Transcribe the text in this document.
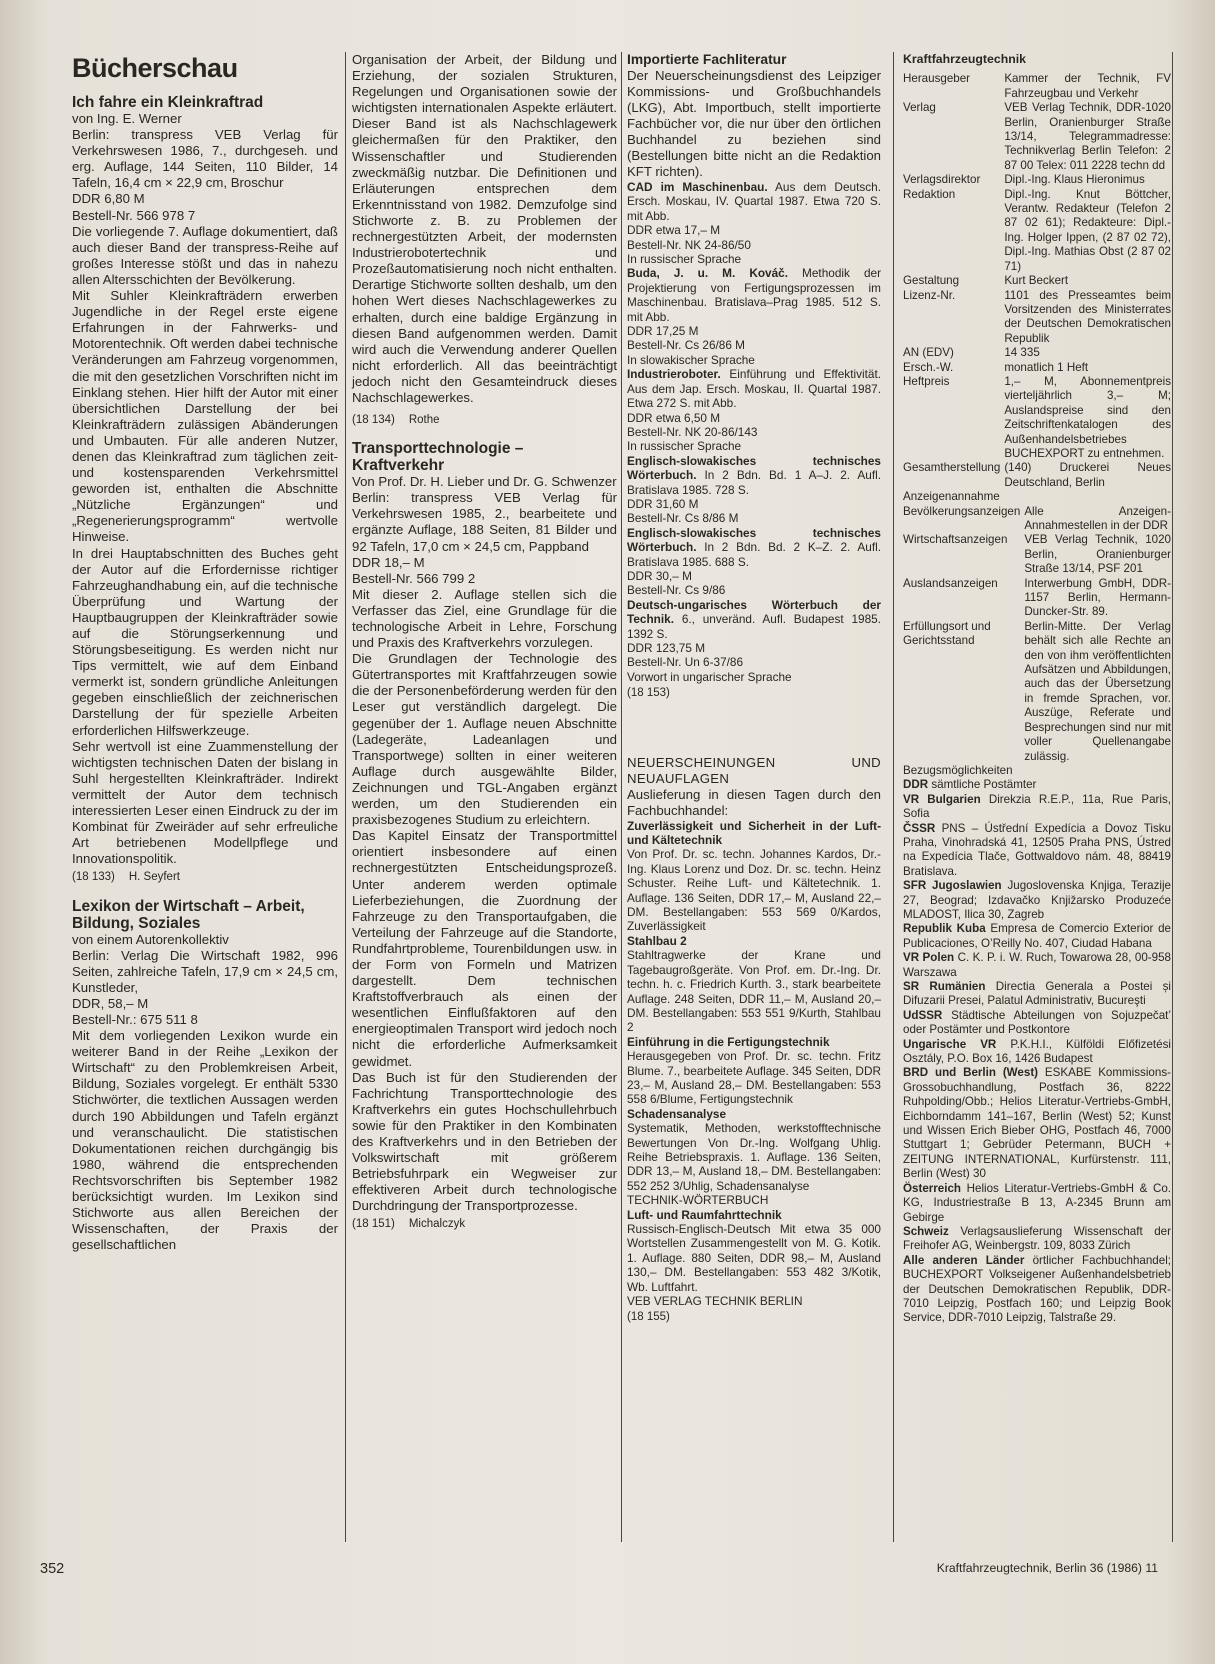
Bücherschau
Ich fahre ein Kleinkraftrad

von Ing. E. Werner

Berlin: transpress VEB Verlag für Verkehrswesen 1986, 7., durchgeseh. und erg. Auflage, 144 Seiten, 110 Bilder, 14 Tafeln, 16,4 cm × 22,9 cm, Broschur

DDR 6,80 M

Bestell-Nr. 566 978 7

Die vorliegende 7. Auflage dokumentiert, daß auch dieser Band der transpress-Reihe auf großes Interesse stößt und das in nahezu allen Altersschichten der Bevölkerung.

Mit Suhler Kleinkrafträdern erwerben Jugendliche in der Regel erste eigene Erfahrungen in der Fahrwerks- und Motorentechnik. Oft werden dabei technische Veränderungen am Fahrzeug vorgenommen, die mit den gesetzlichen Vorschriften nicht im Einklang stehen. Hier hilft der Autor mit einer übersichtlichen Darstellung der bei Kleinkrafträdern zulässigen Abänderungen und Umbauten. Für alle anderen Nutzer, denen das Kleinkraftrad zum täglichen zeit- und kostensparenden Verkehrsmittel geworden ist, enthalten die Abschnitte „Nützliche Ergänzungen“ und „Regenerierungsprogramm“ wertvolle Hinweise.

In drei Hauptabschnitten des Buches geht der Autor auf die Erfordernisse richtiger Fahrzeughandhabung ein, auf die technische Überprüfung und Wartung der Hauptbaugruppen der Kleinkrafträder sowie auf die Störungserkennung und Störungsbeseitigung. Es werden nicht nur Tips vermittelt, wie auf dem Einband vermerkt ist, sondern gründliche Anleitungen gegeben einschließlich der zeichnerischen Darstellung der für spezielle Arbeiten erforderlichen Hilfswerkzeuge.

Sehr wertvoll ist eine Zuammenstellung der wichtigsten technischen Daten der bislang in Suhl hergestellten Kleinkrafträder. Indirekt vermittelt der Autor dem technisch interessierten Leser einen Eindruck zu der im Kombinat für Zweiräder auf sehr erfreuliche Art betriebenen Modellpflege und Innovationspolitik.

(18 133) H. Seyfert

Lexikon der Wirtschaft – Arbeit, Bildung, Soziales

von einem Autorenkollektiv

Berlin: Verlag Die Wirtschaft 1982, 996 Seiten, zahlreiche Tafeln, 17,9 cm × 24,5 cm, Kunstleder,

DDR, 58,– M

Bestell-Nr.: 675 511 8

Mit dem vorliegenden Lexikon wurde ein weiterer Band in der Reihe „Lexikon der Wirtschaft“ zu den Problemkreisen Arbeit, Bildung, Soziales vorgelegt. Er enthält 5330 Stichwörter, die textlichen Aussagen werden durch 190 Abbildungen und Tafeln ergänzt und veranschaulicht. Die statistischen Dokumentationen reichen durchgängig bis 1980, während die entsprechenden Rechtsvorschriften bis September 1982 berücksichtigt wurden. Im Lexikon sind Stichworte aus allen Bereichen der Wissenschaften, der Praxis der gesellschaftlichen

Organisation der Arbeit, der Bildung und Erziehung, der sozialen Strukturen, Regelungen und Organisationen sowie der wichtigsten internationalen Aspekte erläutert. Dieser Band ist als Nachschlagewerk gleichermaßen für den Praktiker, den Wissenschaftler und Studierenden zweckmäßig nutzbar. Die Definitionen und Erläuterungen entsprechen dem Erkenntnisstand von 1982. Demzufolge sind Stichworte z. B. zu Problemen der rechnergestützten Arbeit, der modernsten Industrierobotertechnik und Prozeßautomatisierung noch nicht enthalten. Derartige Stichworte sollten deshalb, um den hohen Wert dieses Nachschlagewerkes zu erhalten, durch eine baldige Ergänzung in diesen Band aufgenommen werden. Damit wird auch die Verwendung anderer Quellen nicht erforderlich. All das beeinträchtigt jedoch nicht den Gesamteindruck dieses Nachschlagewerkes.

(18 134) Rothe

Transporttechnologie – Kraftverkehr

Von Prof. Dr. H. Lieber und Dr. G. Schwenzer

Berlin: transpress VEB Verlag für Verkehrswesen 1985, 2., bearbeitete und ergänzte Auflage, 188 Seiten, 81 Bilder und 92 Tafeln, 17,0 cm × 24,5 cm, Pappband

DDR 18,– M

Bestell-Nr. 566 799 2

Mit dieser 2. Auflage stellen sich die Verfasser das Ziel, eine Grundlage für die technologische Arbeit in Lehre, Forschung und Praxis des Kraftverkehrs vorzulegen.

Die Grundlagen der Technologie des Gütertransportes mit Kraftfahrzeugen sowie die der Personenbeförderung werden für den Leser gut verständlich dargelegt. Die gegenüber der 1. Auflage neuen Abschnitte (Ladegeräte, Ladeanlagen und Transportwege) sollten in einer weiteren Auflage durch ausgewählte Bilder, Zeichnungen und TGL-Angaben ergänzt werden, um den Studierenden ein praxisbezogenes Studium zu erleichtern.

Das Kapitel Einsatz der Transportmittel orientiert insbesondere auf einen rechnergestützten Entscheidungsprozeß. Unter anderem werden optimale Lieferbeziehungen, die Zuordnung der Fahrzeuge zu den Transportaufgaben, die Verteilung der Fahrzeuge auf die Standorte, Rundfahrtprobleme, Tourenbildungen usw. in der Form von Formeln und Matrizen dargestellt. Dem technischen Kraftstoffverbrauch als einen der wesentlichen Einflußfaktoren auf den energieoptimalen Transport wird jedoch noch nicht die erforderliche Aufmerksamkeit gewidmet.

Das Buch ist für den Studierenden der Fachrichtung Transporttechnologie des Kraftverkehrs ein gutes Hochschullehrbuch sowie für den Praktiker in den Kombinaten des Kraftverkehrs und in den Betrieben der Volkswirtschaft mit größerem Betriebsfuhrpark ein Wegweiser zur effektiveren Arbeit durch technologische Durchdringung der Transportprozesse.

(18 151) Michalczyk

Importierte Fachliteratur

Der Neuerscheinungsdienst des Leipziger Kommissions- und Großbuchhandels (LKG), Abt. Importbuch, stellt importierte Fachbücher vor, die nur über den örtlichen Buchhandel zu beziehen sind (Bestellungen bitte nicht an die Redaktion KFT richten).

CAD im Maschinenbau. Aus dem Deutsch. Ersch. Moskau, IV. Quartal 1987. Etwa 720 S. mit Abb.

DDR etwa 17,– M

Bestell-Nr. NK 24-86/50

In russischer Sprache

Buda, J. u. M. Kováč. Methodik der Projektierung von Fertigungsprozessen im Maschinenbau. Bratislava–Prag 1985. 512 S. mit Abb.

DDR 17,25 M

Bestell-Nr. Cs 26/86 M

In slowakischer Sprache

Industrieroboter. Einführung und Effektivität. Aus dem Jap. Ersch. Moskau, II. Quartal 1987. Etwa 272 S. mit Abb.

DDR etwa 6,50 M

Bestell-Nr. NK 20-86/143

In russischer Sprache

Englisch-slowakisches technisches Wörterbuch. In 2 Bdn. Bd. 1 A–J. 2. Aufl. Bratislava 1985. 728 S.

DDR 31,60 M

Bestell-Nr. Cs 8/86 M

Englisch-slowakisches technisches Wörterbuch. In 2 Bdn. Bd. 2 K–Z. 2. Aufl. Bratislava 1985. 688 S.

DDR 30,– M

Bestell-Nr. Cs 9/86

Deutsch-ungarisches Wörterbuch der Technik. 6., unveränd. Aufl. Budapest 1985. 1392 S.

DDR 123,75 M

Bestell-Nr. Un 6-37/86

Vorwort in ungarischer Sprache

(18 153)

NEUERSCHEINUNGEN UND NEUAUFLAGEN

Auslieferung in diesen Tagen durch den Fachbuchhandel:

Zuverlässigkeit und Sicherheit in der Luft- und Kältetechnik

Von Prof. Dr. sc. techn. Johannes Kardos, Dr.-Ing. Klaus Lorenz und Doz. Dr. sc. techn. Heinz Schuster. Reihe Luft- und Kältetechnik. 1. Auflage. 136 Seiten, DDR 17,– M, Ausland 22,– DM. Bestellangaben: 553 569 0/Kardos, Zuverlässigkeit

Stahlbau 2

Stahltragwerke der Krane und Tagebaugroßgeräte. Von Prof. em. Dr.-Ing. Dr. techn. h. c. Friedrich Kurth. 3., stark bearbeitete Auflage. 248 Seiten, DDR 11,– M, Ausland 20,– DM. Bestellangaben: 553 551 9/Kurth, Stahlbau 2

Einführung in die Fertigungstechnik

Herausgegeben von Prof. Dr. sc. techn. Fritz Blume. 7., bearbeitete Auflage. 345 Seiten, DDR 23,– M, Ausland 28,– DM. Bestellangaben: 553 558 6/Blume, Fertigungstechnik

Schadensanalyse

Systematik, Methoden, werkstofftechnische Bewertungen Von Dr.-Ing. Wolfgang Uhlig. Reihe Betriebspraxis. 1. Auflage. 136 Seiten, DDR 13,– M, Ausland 18,– DM. Bestellangaben: 552 252 3/Uhlig, Schadensanalyse

TECHNIK-WÖRTERBUCH

Luft- und Raumfahrttechnik

Russisch-Englisch-Deutsch Mit etwa 35 000 Wortstellen Zusammengestellt von M. G. Kotik. 1. Auflage. 880 Seiten, DDR 98,– M, Ausland 130,– DM. Bestellangaben: 553 482 3/Kotik, Wb. Luftfahrt.

VEB VERLAG TECHNIK BERLIN

(18 155)

Kraftfahrzeugtechnik

Herausgeber	Kammer der Technik, FV Fahrzeugbau und Verkehr
Verlag	VEB Verlag Technik, DDR-1020 Berlin, Oranienburger Straße 13/14, Telegrammadresse: Technikverlag Berlin Telefon: 2 87 00 Telex: 011 2228 techn dd
Verlagsdirektor	Dipl.-Ing. Klaus Hieronimus
Redaktion	Dipl.-Ing. Knut Böttcher, Verantw. Redakteur (Telefon 2 87 02 61); Redakteure: Dipl.-Ing. Holger Ippen, (2 87 02 72), Dipl.-Ing. Mathias Obst (2 87 02 71)
Gestaltung	Kurt Beckert
Lizenz-Nr.	1101 des Presseamtes beim Vorsitzenden des Ministerrates der Deutschen Demokratischen Republik
AN (EDV)	14 335
Ersch.-W.	monatlich 1 Heft
Heftpreis	1,– M, Abonnementpreis vierteljährlich 3,– M; Auslandspreise sind den Zeitschriftenkatalogen des Außenhandelsbetriebes BUCHEXPORT zu entnehmen.
Gesamtherstellung	(140) Druckerei Neues Deutschland, Berlin

Anzeigenannahme

Bevölkerungsanzeigen	Alle Anzeigen-Annahmestellen in der DDR
Wirtschaftsanzeigen	VEB Verlag Technik, 1020 Berlin, Oranienburger Straße 13/14, PSF 201
Auslandsanzeigen	Interwerbung GmbH, DDR-1157 Berlin, Hermann-Duncker-Str. 89.
Erfüllungsort und Gerichtsstand	Berlin-Mitte. Der Verlag behält sich alle Rechte an den von ihm veröffentlichten Aufsätzen und Abbildungen, auch das der Übersetzung in fremde Sprachen, vor. Auszüge, Referate und Besprechungen sind nur mit voller Quellenangabe zulässig.

Bezugsmöglichkeiten

DDR sämtliche Postämter

VR Bulgarien Direkzia R.E.P., 11a, Rue Paris, Sofia

ČSSR PNS – Ústřední Expedícia a Dovoz Tisku Praha, Vinohradská 41, 12505 Praha PNS, Ústred na Expedícia Tlače, Gottwaldovo nám. 48, 88419 Bratislava.

SFR Jugoslawien Jugoslovenska Knjiga, Terazije 27, Beograd; Izdavačko Knjižarsko Produzeće MLADOST, Ilica 30, Zagreb

Republik Kuba Empresa de Comercio Exterior de Publicaciones, O’Reilly No. 407, Ciudad Habana

VR Polen C. K. P. i. W. Ruch, Towarowa 28, 00-958 Warszawa

SR Rumänien Directia Generala a Postei și Difuzarii Presei, Palatul Administrativ, Bucureşti

UdSSR Städtische Abteilungen von Sojuzpečat’ oder Postämter und Postkontore

Ungarische VR P.K.H.I., Külföldi Előfizetési Osztály, P.O. Box 16, 1426 Budapest

BRD und Berlin (West) ESKABE Kommissions-Grossobuchhandlung, Postfach 36, 8222 Ruhpolding/Obb.; Helios Literatur-Vertriebs-GmbH, Eichborndamm 141–167, Berlin (West) 52; Kunst und Wissen Erich Bieber OHG, Postfach 46, 7000 Stuttgart 1; Gebrüder Petermann, BUCH + ZEITUNG INTERNATIONAL, Kurfürstenstr. 111, Berlin (West) 30

Österreich Helios Literatur-Vertriebs-GmbH & Co. KG, Industriestraße B 13, A-2345 Brunn am Gebirge

Schweiz Verlagsauslieferung Wissenschaft der Freihofer AG, Weinbergstr. 109, 8033 Zürich

Alle anderen Länder örtlicher Fachbuchhandel; BUCHEXPORT Volkseigener Außenhandelsbetrieb der Deutschen Demokratischen Republik, DDR-7010 Leipzig, Postfach 160; und Leipzig Book Service, DDR-7010 Leipzig, Talstraße 29.

352	Kraftfahrzeugtechnik, Berlin 36 (1986) 11
